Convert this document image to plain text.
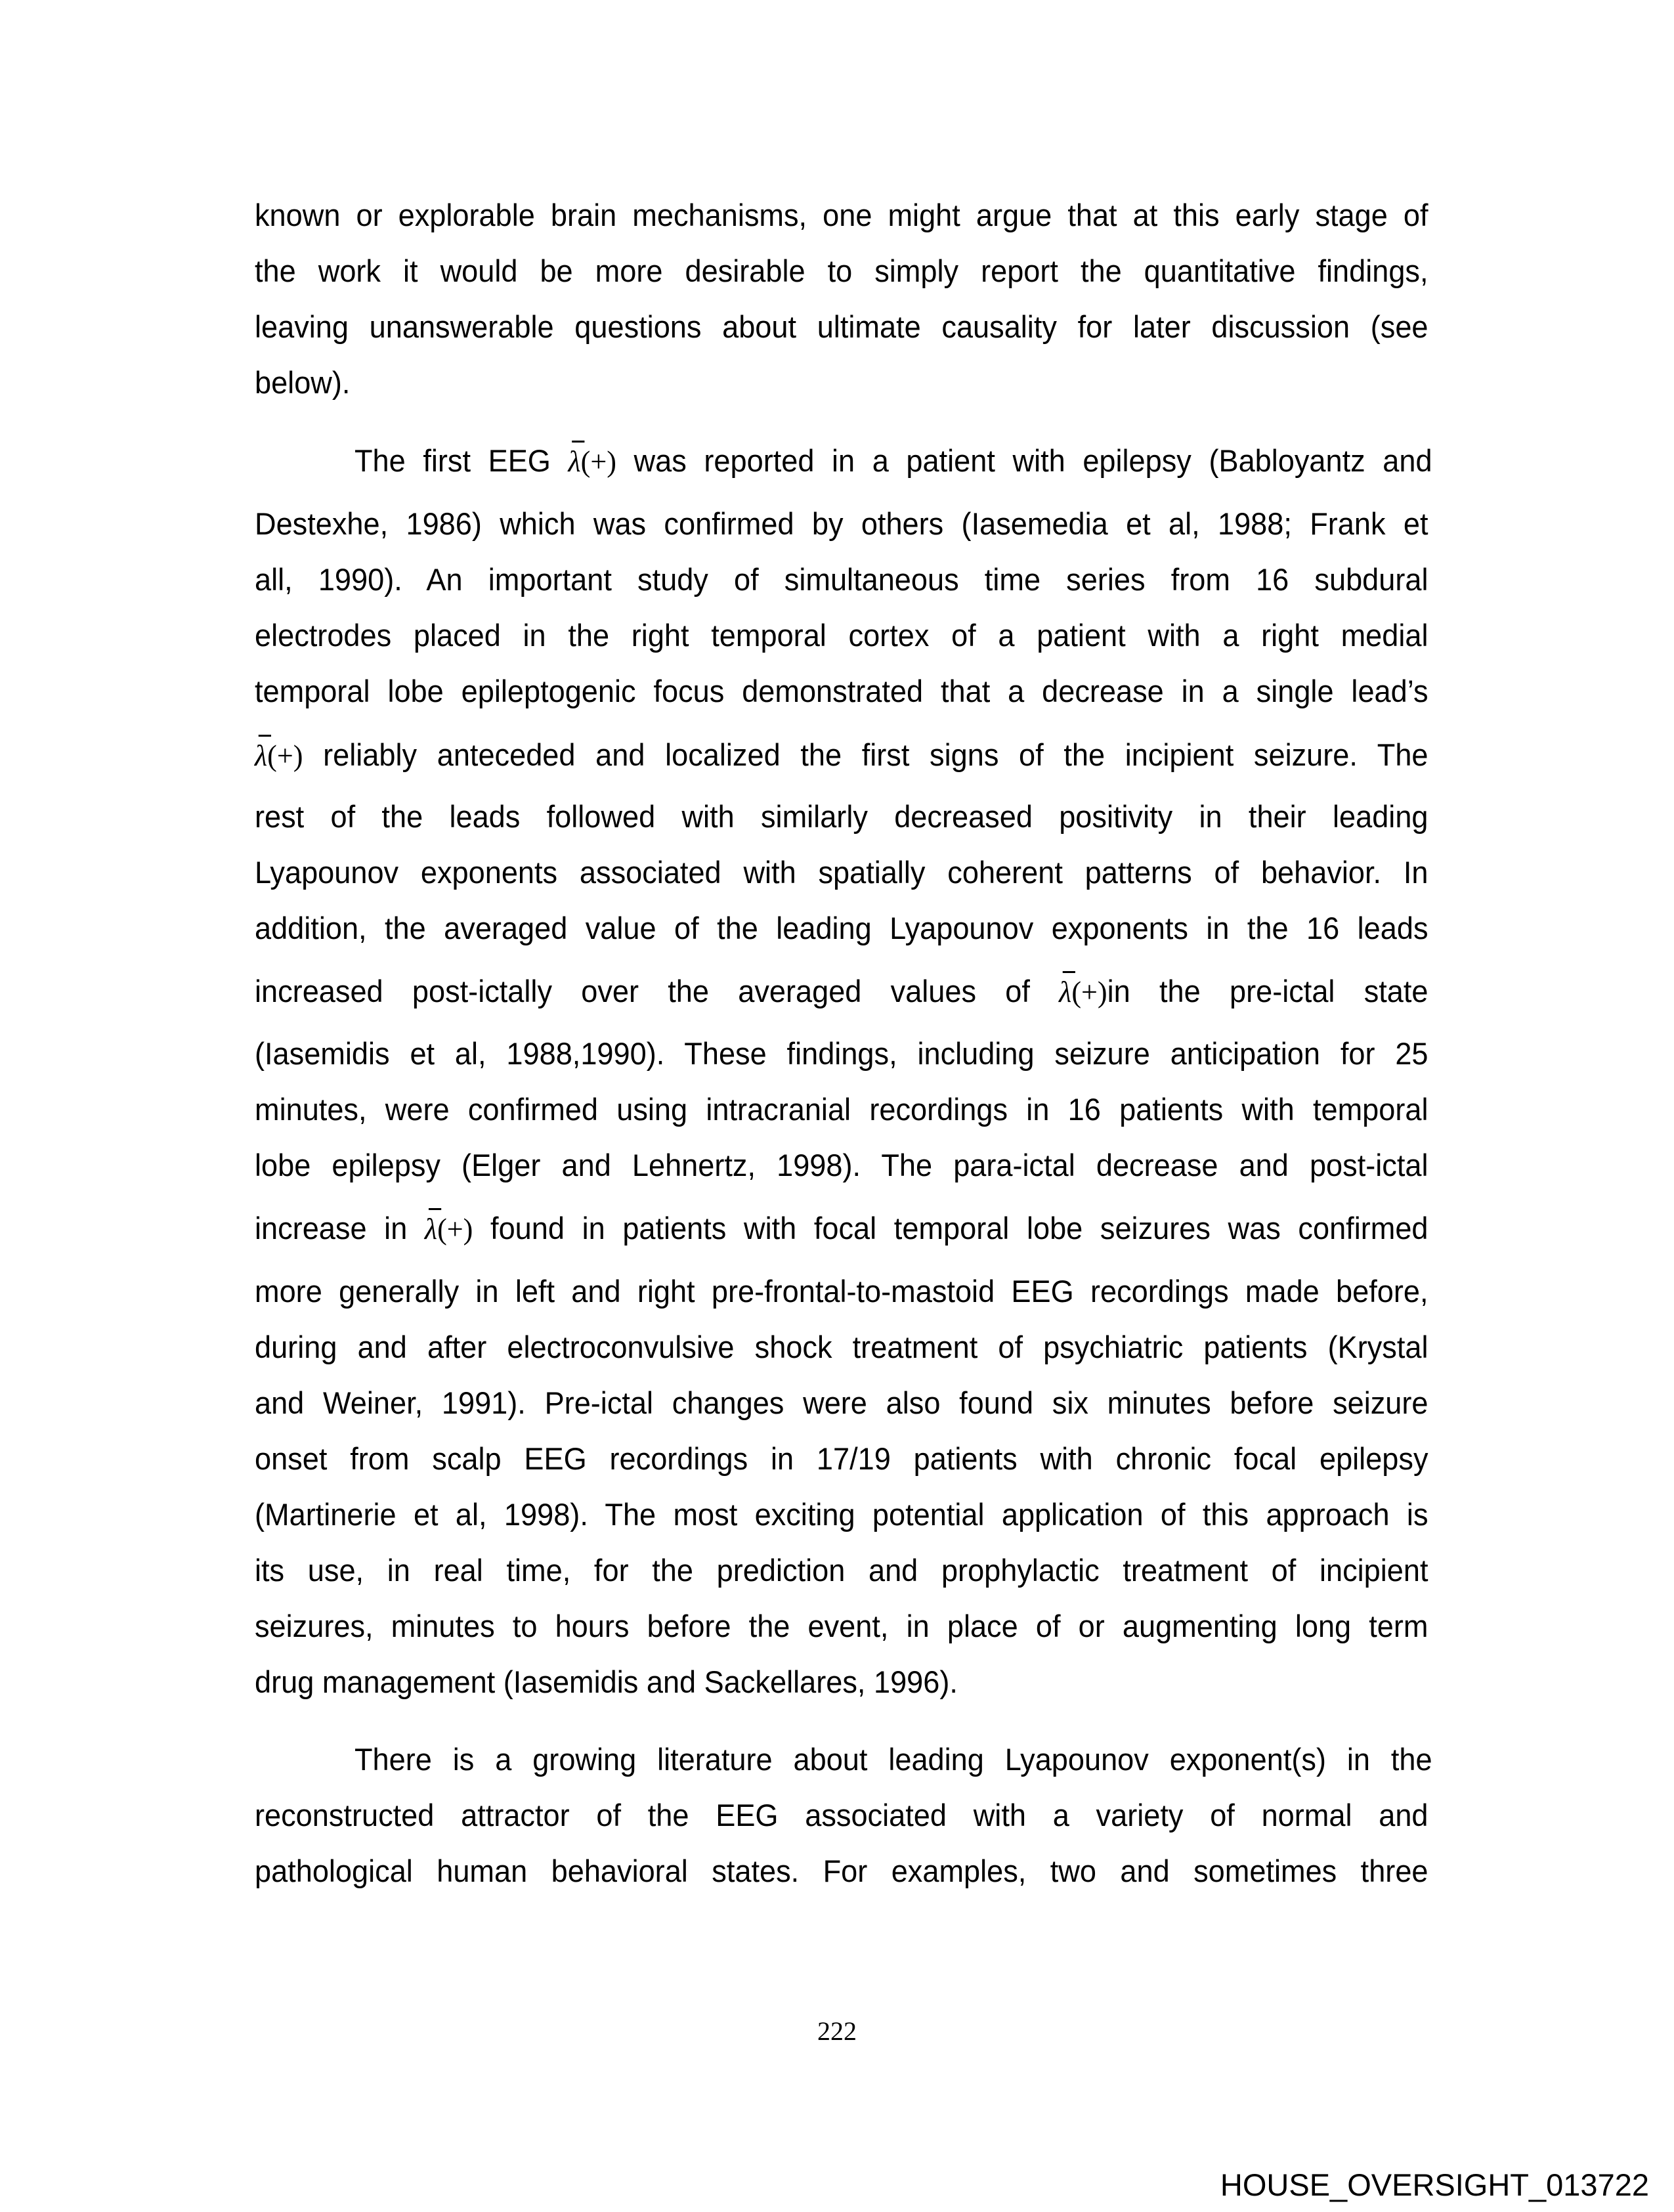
known or explorable brain mechanisms, one might argue that at this early stage of
the work it would be more desirable to simply report the quantitative findings,
leaving unanswerable questions about ultimate causality for later discussion (see
below).
The first EEG λ(+) was reported in a patient with epilepsy (Babloyantz and
Destexhe, 1986) which was confirmed by others (Iasemedia et al, 1988; Frank et
all, 1990). An important study of simultaneous time series from 16 subdural
electrodes placed in the right temporal cortex of a patient with a right medial
temporal lobe epileptogenic focus demonstrated that a decrease in a single lead’s
λ(+) reliably anteceded and localized the first signs of the incipient seizure. The
rest of the leads followed with similarly decreased positivity in their leading
Lyapounov exponents associated with spatially coherent patterns of behavior. In
addition, the averaged value of the leading Lyapounov exponents in the 16 leads
increased post-ictally over the averaged values of λ(+)in the pre-ictal state
(Iasemidis et al, 1988,1990). These findings, including seizure anticipation for 25
minutes, were confirmed using intracranial recordings in 16 patients with temporal
lobe epilepsy (Elger and Lehnertz, 1998). The para-ictal decrease and post-ictal
increase in λ(+) found in patients with focal temporal lobe seizures was confirmed
more generally in left and right pre-frontal-to-mastoid EEG recordings made before,
during and after electroconvulsive shock treatment of psychiatric patients (Krystal
and Weiner, 1991). Pre-ictal changes were also found six minutes before seizure
onset from scalp EEG recordings in 17/19 patients with chronic focal epilepsy
(Martinerie et al, 1998). The most exciting potential application of this approach is
its use, in real time, for the prediction and prophylactic treatment of incipient
seizures, minutes to hours before the event, in place of or augmenting long term
drug management (Iasemidis and Sackellares, 1996).
There is a growing literature about leading Lyapounov exponent(s) in the
reconstructed attractor of the EEG associated with a variety of normal and
pathological human behavioral states. For examples, two and sometimes three
222
HOUSE_OVERSIGHT_013722
